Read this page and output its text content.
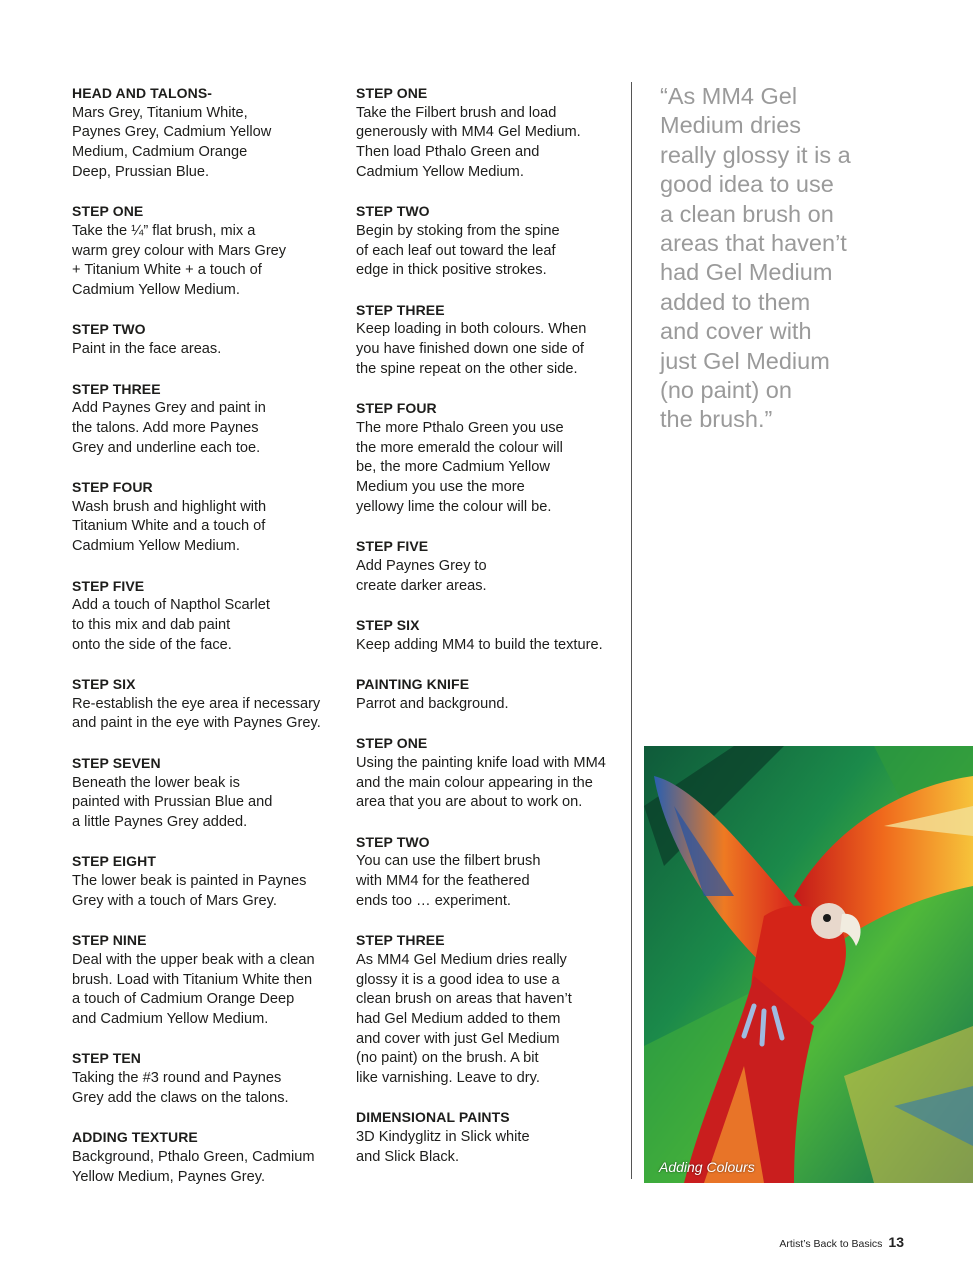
HEAD AND TALONS-

Mars Grey, Titanium White,
Paynes Grey, Cadmium Yellow
Medium, Cadmium Orange
Deep, Prussian Blue.

STEP ONE

Take the ¼” flat brush, mix a
warm grey colour with Mars Grey
+ Titanium White + a touch of
Cadmium Yellow Medium.

STEP TWO

Paint in the face areas.

STEP THREE

Add Paynes Grey and paint in
the talons. Add more Paynes
Grey and underline each toe.

STEP FOUR

Wash brush and highlight with
Titanium White and a touch of
Cadmium Yellow Medium.

STEP FIVE

Add a touch of Napthol Scarlet
to this mix and dab paint
onto the side of the face.

STEP SIX

Re-establish the eye area if necessary
and paint in the eye with Paynes Grey.

STEP SEVEN

Beneath the lower beak is
painted with Prussian Blue and
a little Paynes Grey added.

STEP EIGHT

The lower beak is painted in Paynes
Grey with a touch of Mars Grey.

STEP NINE

Deal with the upper beak with a clean
brush. Load with Titanium White then
a touch of Cadmium Orange Deep
and Cadmium Yellow Medium.

STEP TEN

Taking the #3 round and Paynes
Grey add the claws on the talons.

ADDING TEXTURE

Background, Pthalo Green, Cadmium
Yellow Medium, Paynes Grey.

STEP ONE

Take the Filbert brush and load
generously with MM4 Gel Medium.
Then load Pthalo Green and
Cadmium Yellow Medium.

STEP TWO

Begin by stoking from the spine
of each leaf out toward the leaf
edge in thick positive strokes.

STEP THREE

Keep loading in both colours. When
you have finished down one side of
the spine repeat on the other side.

STEP FOUR

The more Pthalo Green you use
the more emerald the colour will
be, the more Cadmium Yellow
Medium you use the more
yellowy lime the colour will be.

STEP FIVE

Add Paynes Grey to
create darker areas.

STEP SIX

Keep adding MM4 to build the texture.

PAINTING KNIFE

Parrot and background.

STEP ONE

Using the painting knife load with MM4
and the main colour appearing in the
area that you are about to work on.

STEP TWO

You can use the filbert brush
with MM4 for the feathered
ends too … experiment.

STEP THREE

As MM4 Gel Medium dries really
glossy it is a good idea to use a
clean brush on areas that haven’t
had Gel Medium added to them
and cover with just Gel Medium
(no paint) on the brush. A bit
like varnishing. Leave to dry.

DIMENSIONAL PAINTS

3D Kindyglitz in Slick white
and Slick Black.

“As MM4 Gel
Medium dries
really glossy it is a
good idea to use
a clean brush on
areas that haven’t
had Gel Medium
added to them
and cover with
just Gel Medium
(no paint) on
the brush.”
Adding Colours
Artist’s Back to Basics 13
